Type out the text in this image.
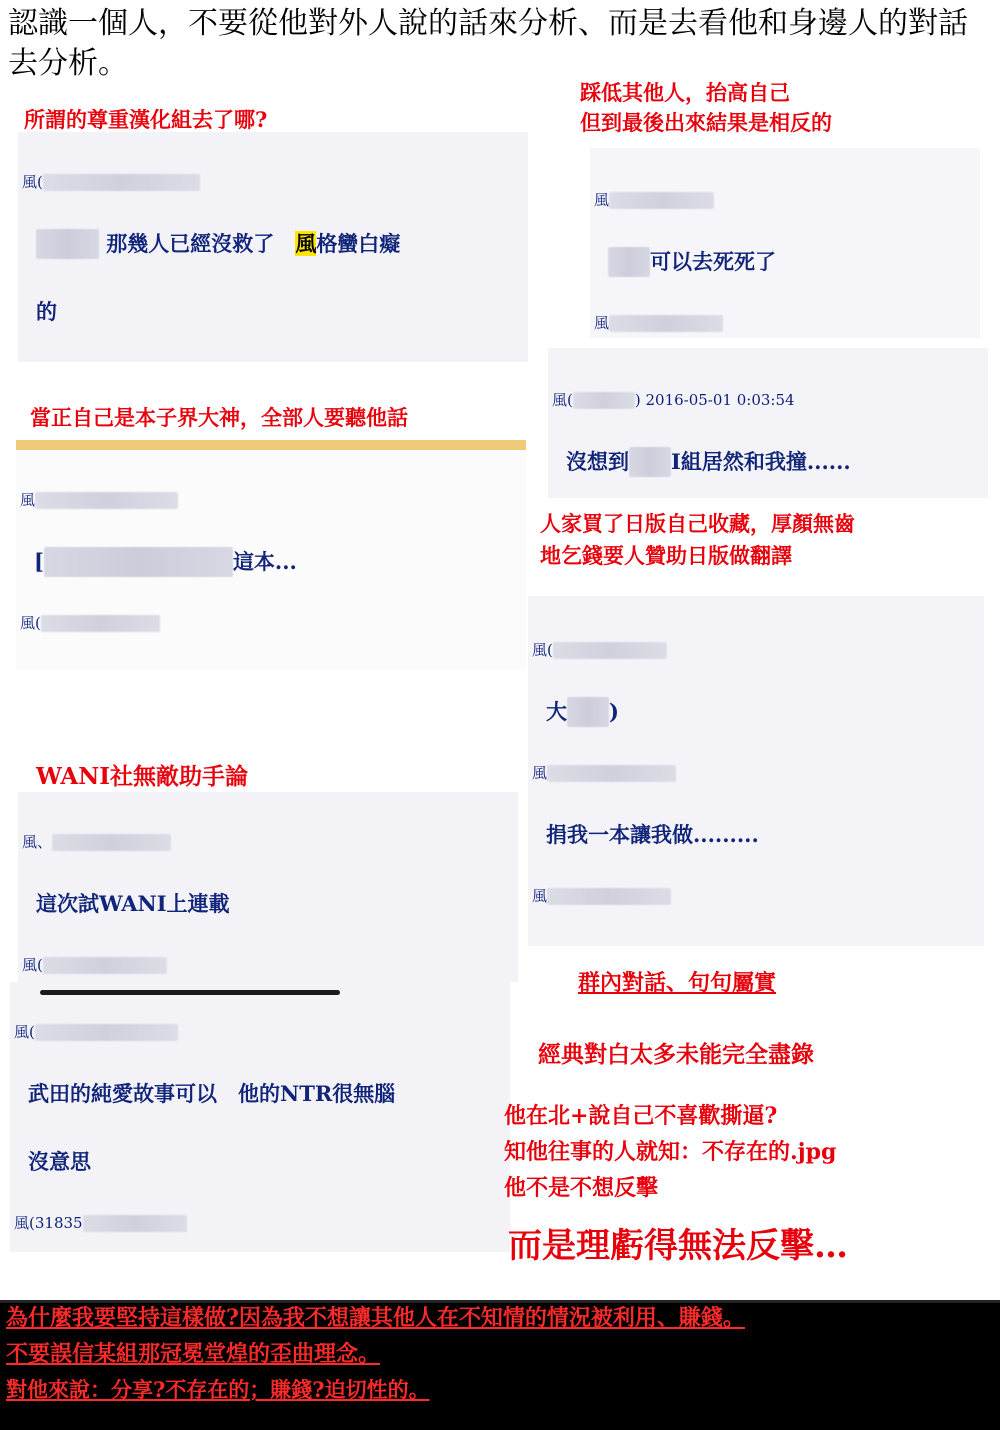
認識一個人，不要從他對外人說的話來分析、而是去看他和身邊人的對話去分析。
所謂的尊重漢化組去了哪?

風(

　　　 那幾人已經沒救了　風格蠻白癡

的

當正自己是本子界大神，全部人要聽他話

風

[　　　　　　　　　	這本...

風(

WANI社無敵助手論

風、

這次試WANI上連載

風(

風(

武田的純愛故事可以　他的NTR很無腦

沒意思

風(31835

踩低其他人，抬高自己
但到最後出來結果是相反的

風

　　可以去死死了

風

風(	) 2016-05-01 0:03:54

沒想到　　 I組居然和我撞......

人家買了日版自己收藏，厚顏無齒
地乞錢要人贊助日版做翻譯

風(

大　　 )

風

捐我一本讓我做.........

風

群內對話、句句屬實
經典對白太多未能完全盡錄
他在北+說自己不喜歡撕逼?
知他往事的人就知：不存在的.jpg
他不是不想反擊
而是理虧得無法反擊…

為什麼我要堅持這樣做?因為我不想讓其他人在不知情的情況被利用、賺錢。

不要誤信某組那冠冕堂煌的歪曲理念。

對他來說：分享?不存在的；賺錢?迫切性的。
